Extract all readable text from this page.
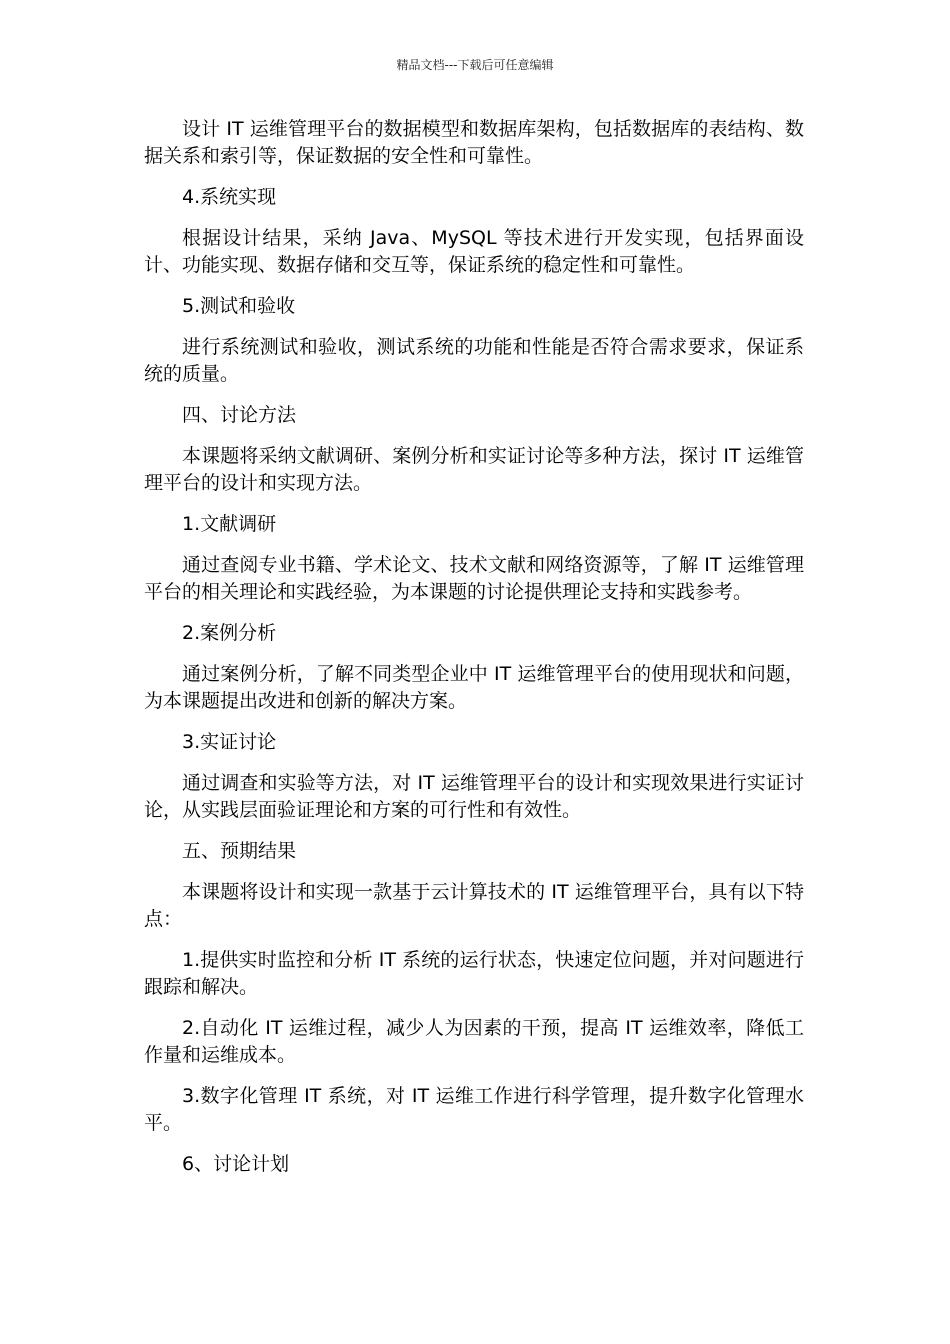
精品文档---下载后可任意编辑

设计 IT 运维管理平台的数据模型和数据库架构，包括数据库的表结构、数据关系和索引等，保证数据的安全性和可靠性。

4.系统实现

根据设计结果，采纳 Java、MySQL 等技术进行开发实现，包括界面设计、功能实现、数据存储和交互等，保证系统的稳定性和可靠性。

5.测试和验收

进行系统测试和验收，测试系统的功能和性能是否符合需求要求，保证系统的质量。

四、讨论方法

本课题将采纳文献调研、案例分析和实证讨论等多种方法，探讨 IT 运维管理平台的设计和实现方法。

1.文献调研

通过查阅专业书籍、学术论文、技术文献和网络资源等，了解 IT 运维管理平台的相关理论和实践经验，为本课题的讨论提供理论支持和实践参考。

2.案例分析

通过案例分析，了解不同类型企业中 IT 运维管理平台的使用现状和问题，为本课题提出改进和创新的解决方案。

3.实证讨论

通过调查和实验等方法，对 IT 运维管理平台的设计和实现效果进行实证讨论，从实践层面验证理论和方案的可行性和有效性。

五、预期结果

本课题将设计和实现一款基于云计算技术的 IT 运维管理平台，具有以下特点：

1.提供实时监控和分析 IT 系统的运行状态，快速定位问题，并对问题进行跟踪和解决。

2.自动化 IT 运维过程，减少人为因素的干预，提高 IT 运维效率，降低工作量和运维成本。

3.数字化管理 IT 系统，对 IT 运维工作进行科学管理，提升数字化管理水平。

6、讨论计划
